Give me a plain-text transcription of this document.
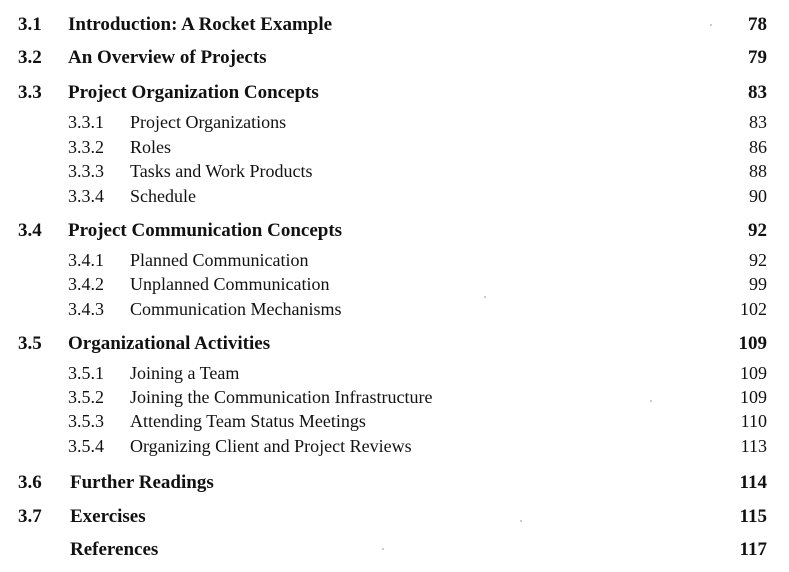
3.1 Introduction: A Rocket Example	78
3.2 An Overview of Projects	79
3.3 Project Organization Concepts	83
3.3.1 Project Organizations	83
3.3.2 Roles	86
3.3.3 Tasks and Work Products	88
3.3.4 Schedule	90
3.4 Project Communication Concepts	92
3.4.1 Planned Communication	92
3.4.2 Unplanned Communication	99
3.4.3 Communication Mechanisms	102
3.5 Organizational Activities	109
3.5.1 Joining a Team	109
3.5.2 Joining the Communication Infrastructure	109
3.5.3 Attending Team Status Meetings	110
3.5.4 Organizing Client and Project Reviews	113
3.6 Further Readings	114
3.7 Exercises	115
References	117
